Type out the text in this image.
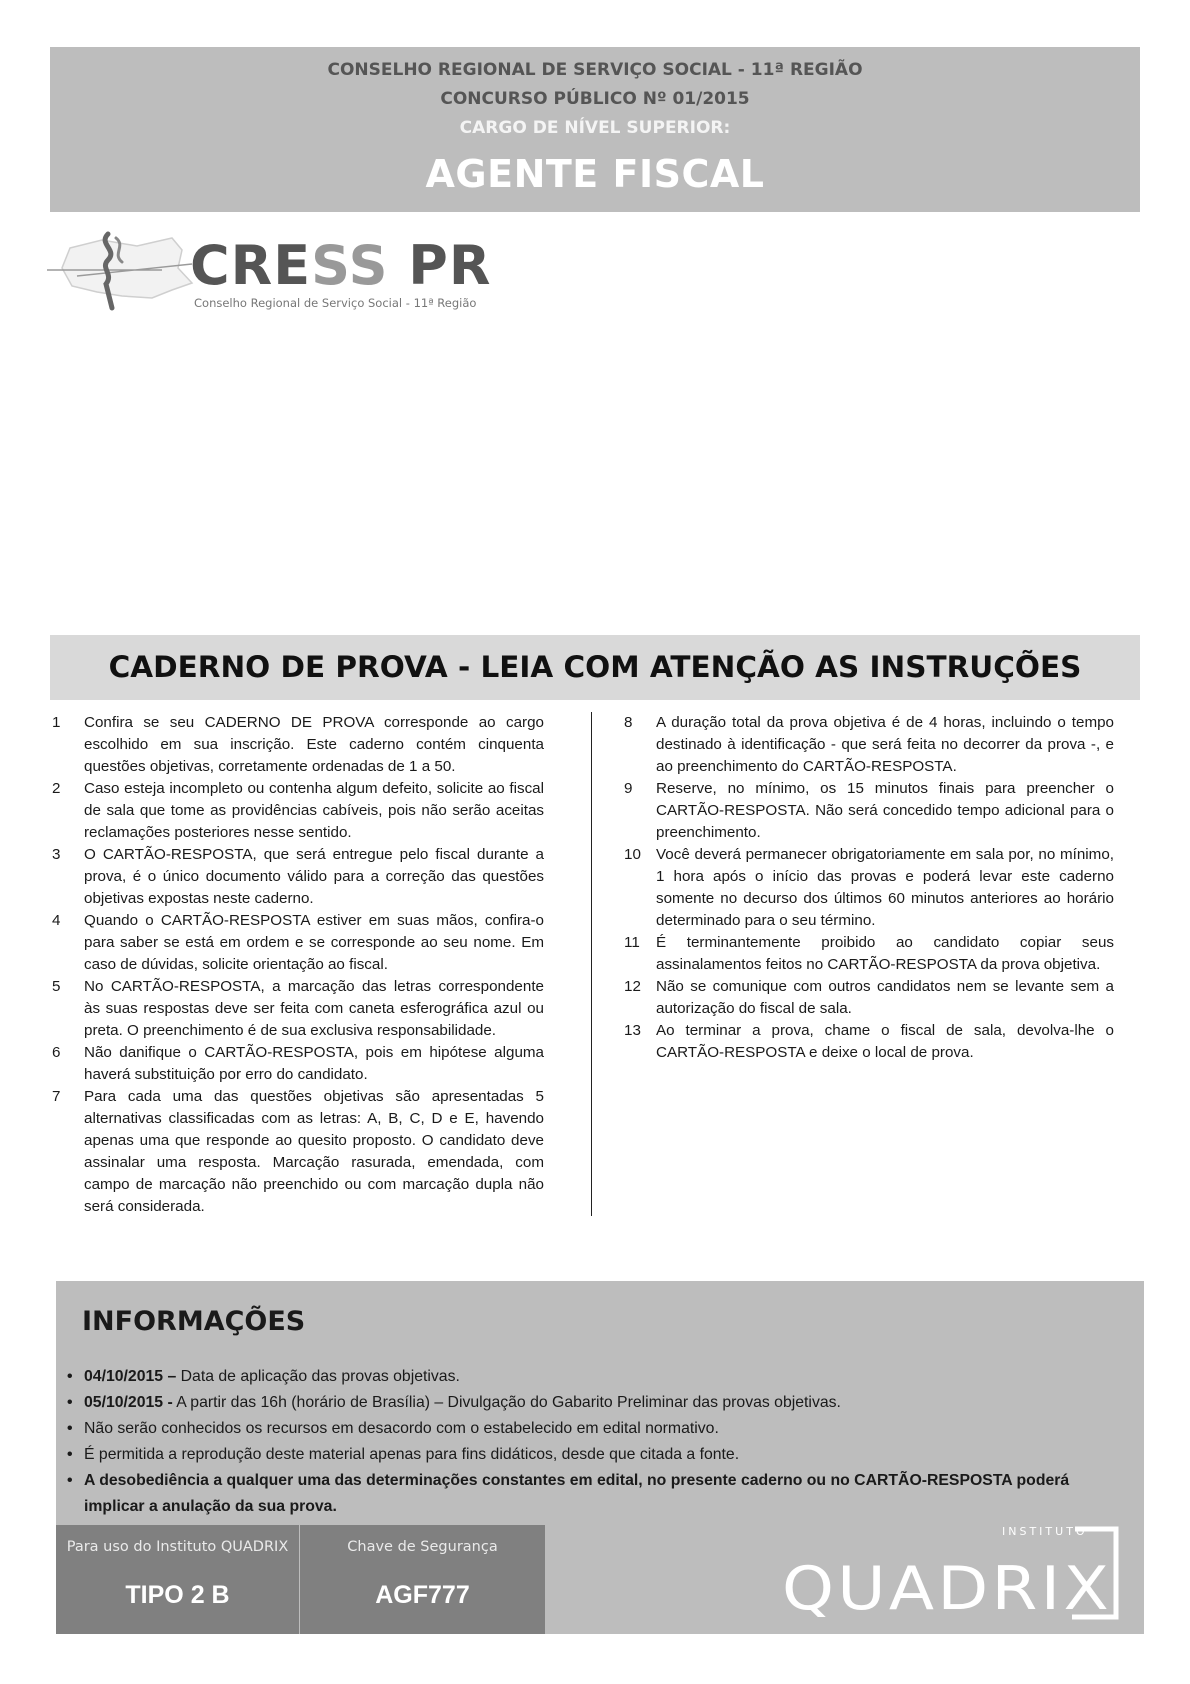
CONSELHO REGIONAL DE SERVIÇO SOCIAL - 11ª REGIÃO
CONCURSO PÚBLICO Nº 01/2015
CARGO DE NÍVEL SUPERIOR:
AGENTE FISCAL
CRESS PR
Conselho Regional de Serviço Social - 11ª Região
CADERNO DE PROVA - LEIA COM ATENÇÃO AS INSTRUÇÕES
1	Confira se seu CADERNO DE PROVA corresponde ao cargo escolhido em sua inscrição. Este caderno contém cinquenta questões objetivas, corretamente ordenadas de 1 a 50.
2	Caso esteja incompleto ou contenha algum defeito, solicite ao fiscal de sala que tome as providências cabíveis, pois não serão aceitas reclamações posteriores nesse sentido.
3	O CARTÃO-RESPOSTA, que será entregue pelo fiscal durante a prova, é o único documento válido para a correção das questões objetivas expostas neste caderno.
4	Quando o CARTÃO-RESPOSTA estiver em suas mãos, confira-o para saber se está em ordem e se corresponde ao seu nome. Em caso de dúvidas, solicite orientação ao fiscal.
5	No CARTÃO-RESPOSTA, a marcação das letras correspondente às suas respostas deve ser feita com caneta esferográfica azul ou preta. O preenchimento é de sua exclusiva responsabilidade.
6	Não danifique o CARTÃO-RESPOSTA, pois em hipótese alguma haverá substituição por erro do candidato.
7	Para cada uma das questões objetivas são apresentadas 5 alternativas classificadas com as letras: A, B, C, D e E, havendo apenas uma que responde ao quesito proposto. O candidato deve assinalar uma resposta. Marcação rasurada, emendada, com campo de marcação não preenchido ou com marcação dupla não será considerada.
8	A duração total da prova objetiva é de 4 horas, incluindo o tempo destinado à identificação - que será feita no decorrer da prova -, e ao preenchimento do CARTÃO-RESPOSTA.
9	Reserve, no mínimo, os 15 minutos finais para preencher o CARTÃO-RESPOSTA. Não será concedido tempo adicional para o preenchimento.
10 Você deverá permanecer obrigatoriamente em sala por, no mínimo, 1 hora após o início das provas e poderá levar este caderno somente no decurso dos últimos 60 minutos anteriores ao horário determinado para o seu término.
11	É terminantemente proibido ao candidato copiar seus assinalamentos feitos no CARTÃO-RESPOSTA da prova objetiva.
12 Não se comunique com outros candidatos nem se levante sem a autorização do fiscal de sala.
13 Ao terminar a prova, chame o fiscal de sala, devolva-lhe o CARTÃO-RESPOSTA e deixe o local de prova.
INFORMAÇÕES
• 04/10/2015 – Data de aplicação das provas objetivas.
• 05/10/2015 - A partir das 16h (horário de Brasília) – Divulgação do Gabarito Preliminar das provas objetivas.
• Não serão conhecidos os recursos em desacordo com o estabelecido em edital normativo.
• É permitida a reprodução deste material apenas para fins didáticos, desde que citada a fonte.
• A desobediência a qualquer uma das determinações constantes em edital, no presente caderno ou no CARTÃO-RESPOSTA poderá implicar a anulação da sua prova.
Para uso do Instituto QUADRIX
TIPO 2 B
Chave de Segurança
AGF777
INSTITUTO
QUADRIX
